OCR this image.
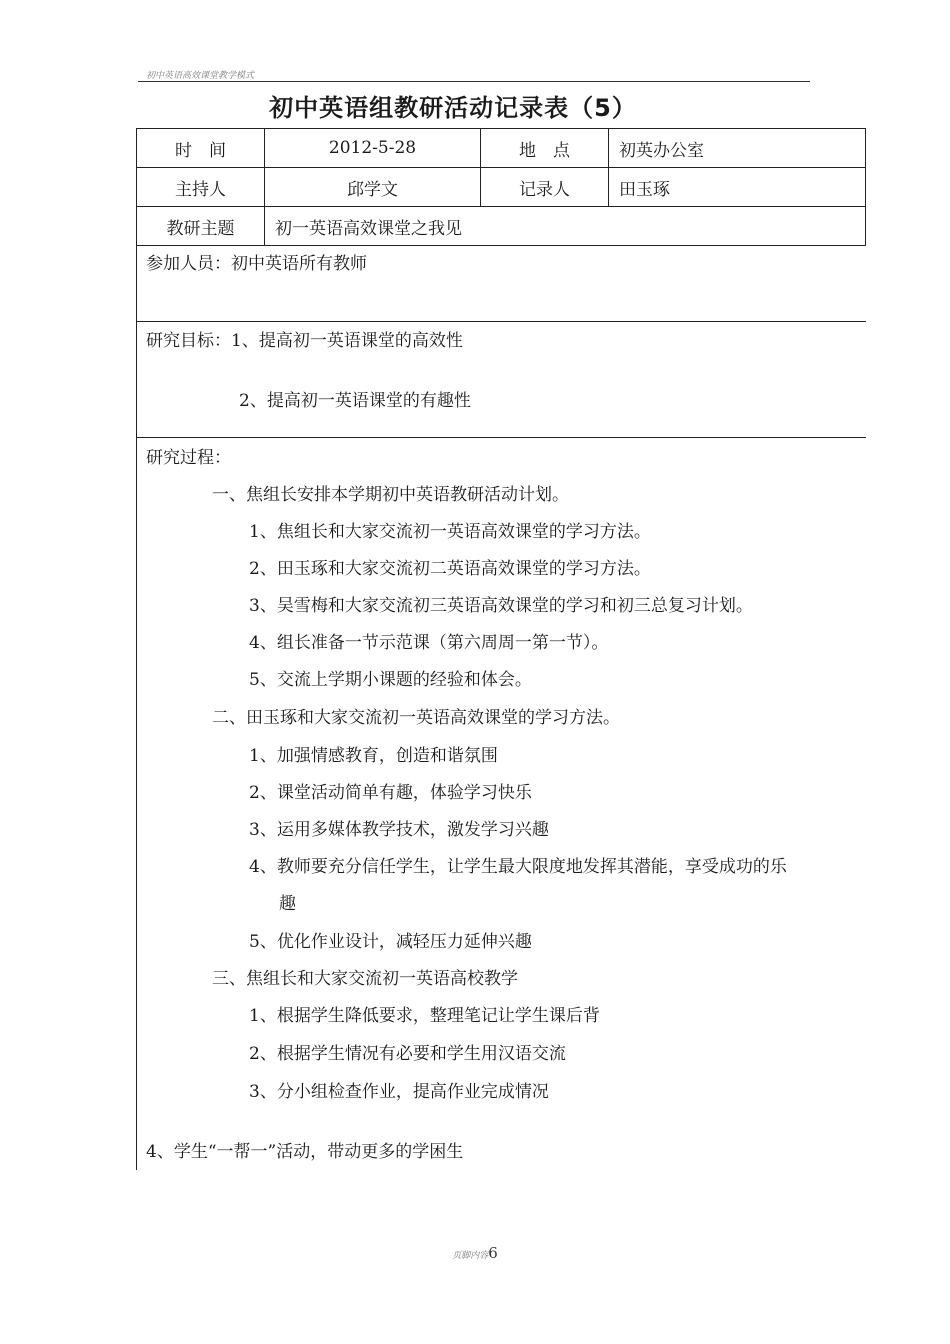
初中英语高效课堂教学模式
初中英语组教研活动记录表（5）
时　间	2012-5-28	地　点	初英办公室
主持人	邱学文	记录人	田玉琢
教研主题	初一英语高效课堂之我见		
参加人员：初中英语所有教师
研究目标：1、提高初一英语课堂的高效性
2、提高初一英语课堂的有趣性
研究过程：
一、焦组长安排本学期初中英语教研活动计划。
1、焦组长和大家交流初一英语高效课堂的学习方法。
2、田玉琢和大家交流初二英语高效课堂的学习方法。
3、吴雪梅和大家交流初三英语高效课堂的学习和初三总复习计划。
4、组长准备一节示范课（第六周周一第一节）。
5、交流上学期小课题的经验和体会。
二、田玉琢和大家交流初一英语高效课堂的学习方法。
1、加强情感教育，创造和谐氛围
2、课堂活动简单有趣，体验学习快乐
3、运用多媒体教学技术，激发学习兴趣
4、教师要充分信任学生，让学生最大限度地发挥其潜能，享受成功的乐
趣
5、优化作业设计，减轻压力延伸兴趣
三、焦组长和大家交流初一英语高校教学
1、根据学生降低要求，整理笔记让学生课后背
2、根据学生情况有必要和学生用汉语交流
3、分小组检查作业，提高作业完成情况
4、学生“一帮一”活动，带动更多的学困生
页脚内容6
